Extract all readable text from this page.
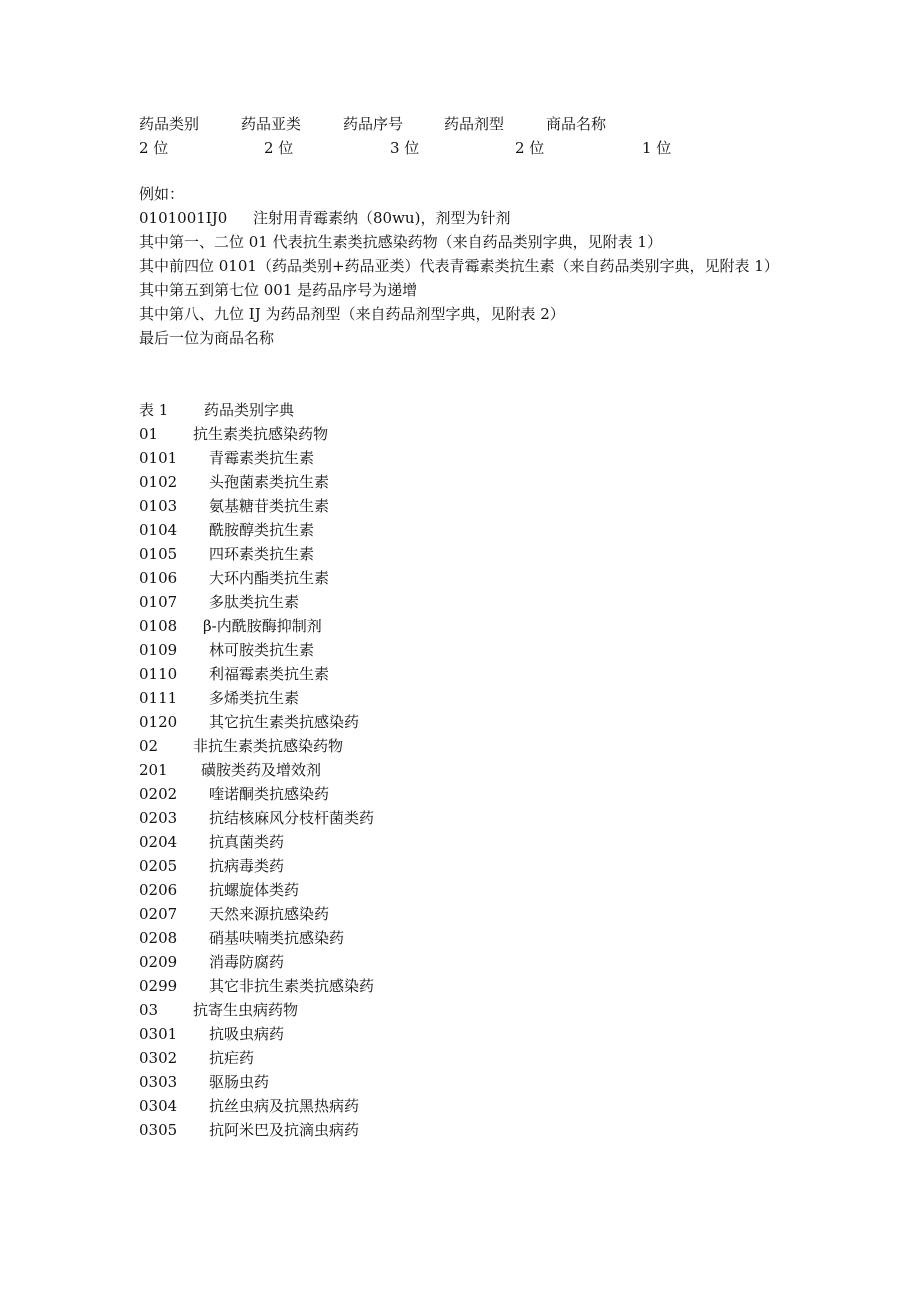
药品类别	药品亚类	药品序号	药品剂型	商品名称
2 位	2 位	3 位	2 位	1 位
例如：
0101001IJ0 注射用青霉素纳（80wu)，剂型为针剂
其中第一、二位 01 代表抗生素类抗感染药物（来自药品类别字典，见附表 1）
其中前四位 0101（药品类别+药品亚类）代表青霉素类抗生素（来自药品类别字典，见附表 1）
其中第五到第七位 001 是药品序号为递增
其中第八、九位 IJ 为药品剂型（来自药品剂型字典，见附表 2）
最后一位为商品名称
表 1 药品类别字典
01 抗生素类抗感染药物
0101 青霉素类抗生素
0102 头孢菌素类抗生素
0103 氨基糖苷类抗生素
0104 酰胺醇类抗生素
0105 四环素类抗生素
0106 大环内酯类抗生素
0107 多肽类抗生素
0108 β-内酰胺酶抑制剂
0109 林可胺类抗生素
0110 利福霉素类抗生素
0111 多烯类抗生素
0120 其它抗生素类抗感染药
02 非抗生素类抗感染药物
201 磺胺类药及增效剂
0202 喹诺酮类抗感染药
0203 抗结核麻风分枝杆菌类药
0204 抗真菌类药
0205 抗病毒类药
0206 抗螺旋体类药
0207 天然来源抗感染药
0208 硝基呋喃类抗感染药
0209 消毒防腐药
0299 其它非抗生素类抗感染药
03 抗寄生虫病药物
0301 抗吸虫病药
0302 抗疟药
0303 驱肠虫药
0304 抗丝虫病及抗黑热病药
0305 抗阿米巴及抗滴虫病药
